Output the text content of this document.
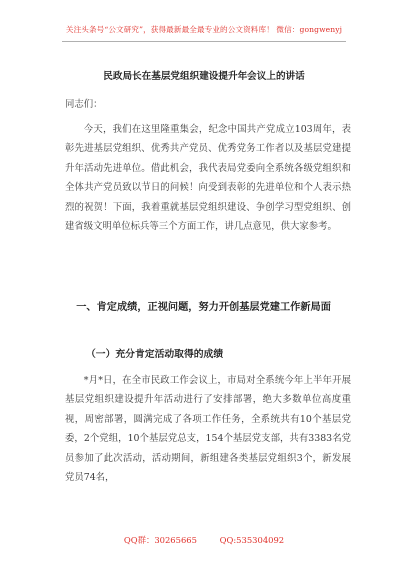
关注头条号“公文研究”，获得最新最全最专业的公文资料库！ 微信：gongwenyj
民政局长在基层党组织建设提升年会议上的讲话
同志们：

今天，我们在这里隆重集会，纪念中国共产党成立103周年，表彰先进基层党组织、优秀共产党员、优秀党务工作者以及基层党建提升年活动先进单位。借此机会，我代表局党委向全系统各级党组织和全体共产党员致以节日的问候！向受到表彰的先进单位和个人表示热烈的祝贺！下面，我着重就基层党组织建设、争创学习型党组织、创建省级文明单位标兵等三个方面工作，讲几点意见，供大家参考。

一、肯定成绩，正视问题，努力开创基层党建工作新局面
（一）充分肯定活动取得的成绩

*月*日，在全市民政工作会议上，市局对全系统今年上半年开展基层党组织建设提升年活动进行了安排部署，绝大多数单位高度重视，周密部署，圆满完成了各项工作任务，全系统共有10个基层党委，2个党组，10个基层党总支，154个基层党支部，共有3383名党员参加了此次活动，活动期间，新组建各类基层党组织3个，新发展党员74名，

QQ群：30265665	QQ:535304092
